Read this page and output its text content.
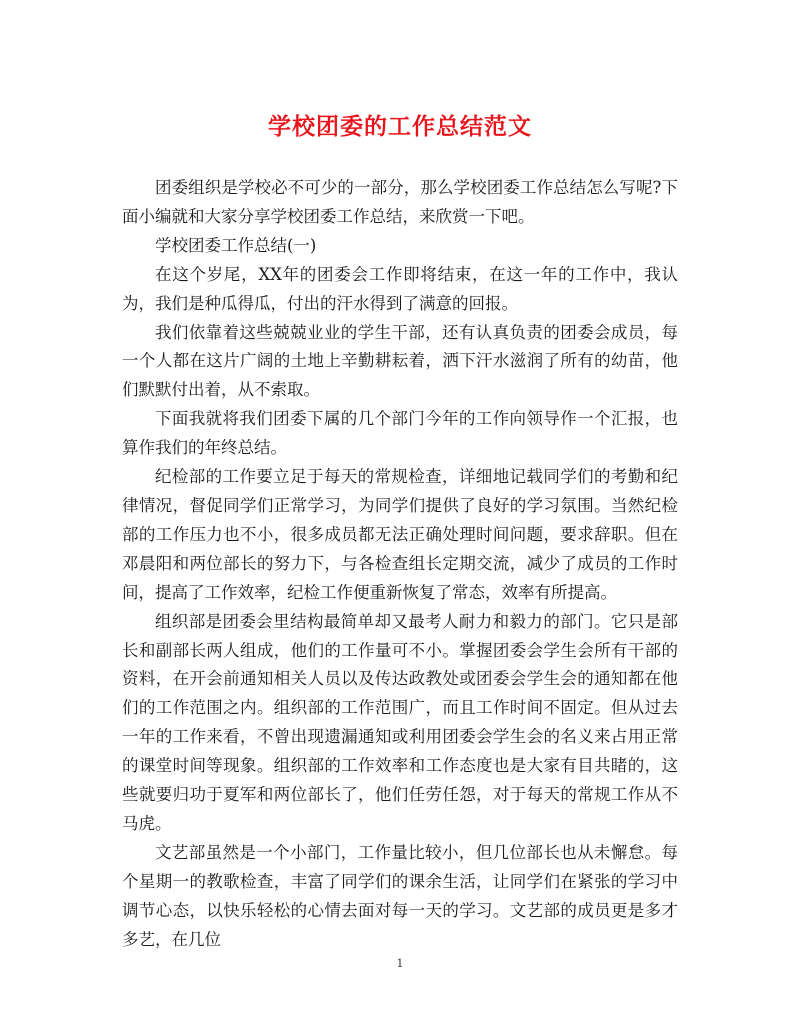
学校团委的工作总结范文

团委组织是学校必不可少的一部分，那么学校团委工作总结怎么写呢?下面小编就和大家分享学校团委工作总结，来欣赏一下吧。

学校团委工作总结(一)

在这个岁尾，XX年的团委会工作即将结束，在这一年的工作中，我认为，我们是种瓜得瓜，付出的汗水得到了满意的回报。

我们依靠着这些兢兢业业的学生干部，还有认真负责的团委会成员，每一个人都在这片广阔的土地上辛勤耕耘着，洒下汗水滋润了所有的幼苗，他们默默付出着，从不索取。

下面我就将我们团委下属的几个部门今年的工作向领导作一个汇报，也算作我们的年终总结。

纪检部的工作要立足于每天的常规检查，详细地记载同学们的考勤和纪律情况，督促同学们正常学习，为同学们提供了良好的学习氛围。当然纪检部的工作压力也不小，很多成员都无法正确处理时间问题，要求辞职。但在邓晨阳和两位部长的努力下，与各检查组长定期交流，减少了成员的工作时间，提高了工作效率，纪检工作便重新恢复了常态，效率有所提高。

组织部是团委会里结构最简单却又最考人耐力和毅力的部门。它只是部长和副部长两人组成，他们的工作量可不小。掌握团委会学生会所有干部的资料，在开会前通知相关人员以及传达政教处或团委会学生会的通知都在他们的工作范围之内。组织部的工作范围广，而且工作时间不固定。但从过去一年的工作来看，不曾出现遗漏通知或利用团委会学生会的名义来占用正常的课堂时间等现象。组织部的工作效率和工作态度也是大家有目共睹的，这些就要归功于夏军和两位部长了，他们任劳任怨，对于每天的常规工作从不马虎。

文艺部虽然是一个小部门，工作量比较小，但几位部长也从未懈怠。每个星期一的教歌检查，丰富了同学们的课余生活，让同学们在紧张的学习中调节心态，以快乐轻松的心情去面对每一天的学习。文艺部的成员更是多才多艺，在几位

1
